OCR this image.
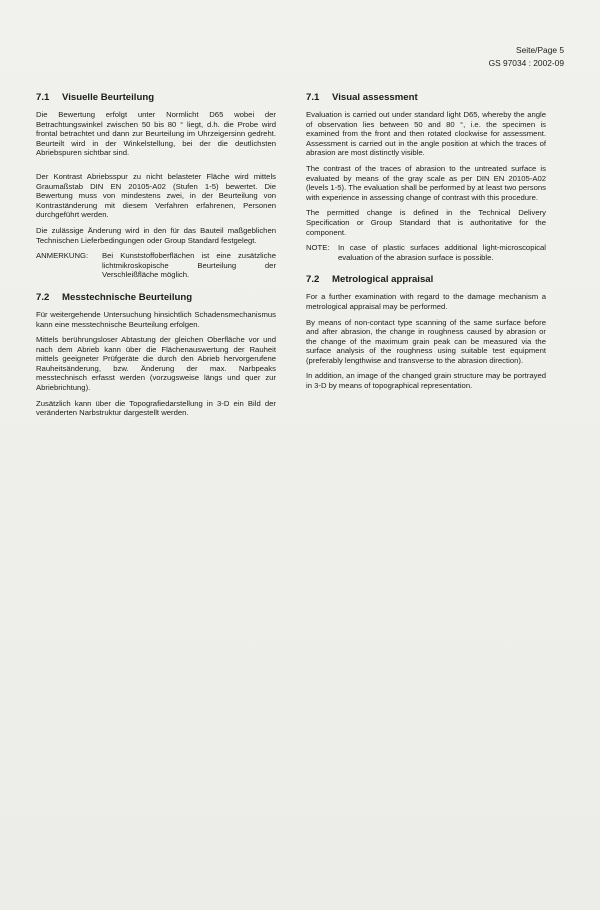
Seite/Page 5
GS 97034 : 2002-09
7.1 Visuelle Beurteilung

Die Bewertung erfolgt unter Normlicht D65 wobei der Betrachtungswinkel zwischen 50 bis 80 ° liegt, d.h. die Probe wird frontal betrachtet und dann zur Beurteilung im Uhrzeigersinn gedreht. Beurteilt wird in der Winkelstellung, bei der die deutlichsten Abriebspuren sichtbar sind.

Der Kontrast Abriebsspur zu nicht belasteter Fläche wird mittels Graumaßstab DIN EN 20105-A02 (Stufen 1-5) bewertet. Die Bewertung muss von mindestens zwei, in der Beurteilung von Kontraständerung mit diesem Verfahren erfahrenen, Personen durchgeführt werden.

Die zulässige Änderung wird in den für das Bauteil maßgeblichen Technischen Lieferbedingungen oder Group Standard festgelegt.

ANMERKUNG:	Bei Kunststoffoberflächen ist eine zusätzliche lichtmikroskopische Beurteilung der Verschleißfläche möglich.
7.2 Messtechnische Beurteilung

Für weitergehende Untersuchung hinsichtlich Schadensmechanismus kann eine messtechnische Beurteilung erfolgen.

Mittels berührungsloser Abtastung der gleichen Oberfläche vor und nach dem Abrieb kann über die Flächenauswertung der Rauheit mittels geeigneter Prüfgeräte die durch den Abrieb hervorgerufene Rauheitsänderung, bzw. Änderung der max. Narbpeaks messtechnisch erfasst werden (vorzugsweise längs und quer zur Abriebrichtung).

Zusätzlich kann über die Topografiedarstellung in 3-D ein Bild der veränderten Narbstruktur dargestellt werden.

7.1 Visual assessment

Evaluation is carried out under standard light D65, whereby the angle of observation lies between 50 and 80 °, i.e. the specimen is examined from the front and then rotated clockwise for assessment. Assessment is carried out in the angle position at which the traces of abrasion are most distinctly visible.

The contrast of the traces of abrasion to the untreated surface is evaluated by means of the gray scale as per DIN EN 20105-A02 (levels 1-5). The evaluation shall be performed by at least two persons with experience in assessing change of contrast with this procedure.

The permitted change is defined in the Technical Delivery Specification or Group Standard that is authoritative for the component.

NOTE:	In case of plastic surfaces additional light-microscopical evaluation of the abrasion surface is possible.
7.2 Metrological appraisal

For a further examination with regard to the damage mechanism a metrological appraisal may be performed.

By means of non-contact type scanning of the same surface before and after abrasion, the change in roughness caused by abrasion or the change of the maximum grain peak can be measured via the surface analysis of the roughness using suitable test equipment (preferably lengthwise and transverse to the abrasion direction).

In addition, an image of the changed grain structure may be portrayed in 3-D by means of topographical representation.
